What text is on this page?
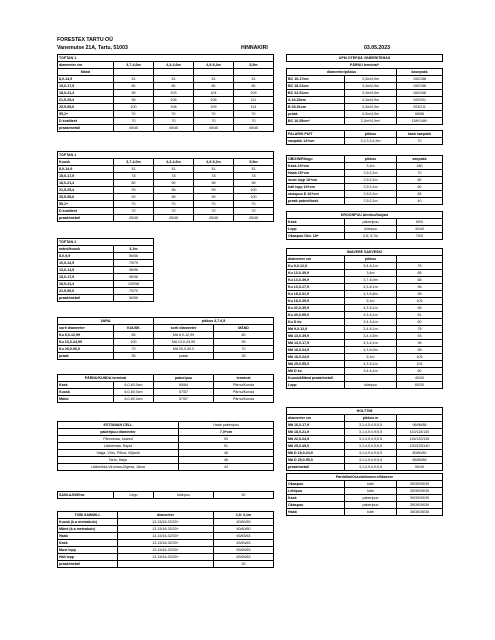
FORESTEX TARTU OÜ
Vanemuise 21A, Tartu, 51003	HINNAKIRI	03.05.2023
TOFTAN 1				
diameeter cm	3,7-4,0m	4,3-4,6m	4,9-5,2m	5,5m
Mänd				
8,0-14,9	51	51	51	51
15,0-17,9	80	80	80	80
18,0-21,4	95	103	104	109
21,5-25,4	98	106	106	111
25,5-55,0	100	108	109	114
55,1+	70	70	70	70
D kvaliteet	70	70	70	70
praak/metall	45/45	45/45	45/45	45/45
TOFTAN 1				
Kuusk	3,7-4,0m	4,3-4,6m	4,9-5,2m	5,5m
8,0-14,9	51	51	51	51
15,0-17,9	78	78	78	78
18,0-21,4	80	90	96	98
21,5-25,4	93	96	99	100
25,5-55,0	93	96	99	100
55,1+	70	70	70	70
D kvaliteet	70	70	70	70
praak/metall	45/45	45/45	45/45	45/45
TOFTAN 2	
mänd/kuusk	3,1m
8,0-9,9	56/56
10,0-12,9	79/79
13,0-14,9	96/96
15,0-17,9	96/96
18,0-21,4	100/98
21,5-50,0	70/70
praak/metall	56/56
VARA		pikkus 3,7-6,5	
sort/ diameeter	KUUSK	sort/ diameeter	MÄND
Ku 8,0-12,99	85	Mä 8,0-12,99	80
Ku 13,0-24,99	100	Mä 13,0-24,99	95
Ku 25,0-50,0	70	Mä 25,0-50,0	70
praak	35	praak	35
PÄRNU/KUNDA terminal		paberipuu	terminal
Kask	6,0-60,0cm	69/64	Pärnu/Kunda
Kuusk	6,0-60,0cm	57/57	Pärnu/Kunda
Mänd	6,0-60,0cm	57/57	Pärnu/Kunda
ESTONIAN CELL	Haab paberipuu
paberipuu diameeter	7,0+cm
Pärnumaa, saared	53
Läänemaa, Rapla	51
Valga, Võru, Põlva, Viljandi	46
Tartu, Harju	46
Lääne/Ida-Virumaa,Jõgeva, Järva	44
SANLAJN/Eiva	Lepp	kütepuu	50
TOBI SAWMILL	diameeter	2,9; 3,1m
Kuusk (k.a metsakuiv)	13-15/16-32/33+	60/60/60
Mänd (k.a metsakuiv)	13-15/16-32/33+	60/60/60
Haab	13-15/16-32/33+	63/63/63
Kask	13-15/16-32/33+	63/63/63
Must lepp	13-15/16-32/33+	63/63/63
Hall lepp	13-15/16-32/33+	63/63/63
praak/metall		30
UPM OTEPÄÄ VINEERITEHAS		
PÄRNU terminal*		
diameeter/pikkus		kasepakk
BC 16-17cm	3,3m/4,9m	150/158
BC 18-21cm	3,3m/4,9m	150/158
BC 22-51cm	3,3m/4,9m	160/168
A 24-33cm	3,3m/4,9m	193/201
B 33-51cm	3,3m/4,9m	203/211
praak	3,3m/4,9m	68/68
BC 16-55cm*	3,3m*/4,9m*	158*/166*
FALARIS PUIT	pikkus	kask saepakk
saepakk 14+cm	3,1;3,3;4,9m	70
OBIZIN/Rõngu	pikkus	saepakk
Kask 16+cm	3,1m	180
Haab 16+cm	2,5;3,1m	70
must lepp 16+cm	2,5;3,1m	80
hall lepp 16+cm	2,5;3,1m	60
okaspuu D 16+cm	2,5;3,1m	65
praak paberi/kask	2,5;3,1m	40
KROONPUU Aleviku/Nuijala		
Kask	paberipuu	65/0
Lepp	kütepuu	32/40
Okaspuu Dkv. 18+	2,5; 3,7m	70/0
IMAVERE SAEVESKI		
diameeter cm	pikkus	
Ku 9,0-12,9	3,4-6,1m	78
Ku 13,0-39,9	3,4m	85
Ku 13,0-39,9	3,7-6,0m	88
Ku 13,0-17,9	4,3-6,1m	96
Ku 18,0-31,9	4,3-6,6m	98
Ku 18,0-39,9	6,1m	103
Ku 32,0-39,9	4,3-6,1m	96
Ku 40,0-55,0	4,3-6,1m	91
Ku D kv.	3,4-6,1m	60
Mä 9,0-12,9	3,4-6,1m	78
Mä 13,0-39,9	3,4-4,6m	93
Mä 13,0-17,9	4,3-6,1m	96
Mä 18,0-24,9	4,3-6,0m	98
Mä 18,0-24,9	6,1m	103
Mä 25,0-55,0	4,3-6,1m	104
Mä D kv.	3,4-6,1m	60
Kuusk&Mänd praak/metall		40/30
Lepp	kütepuu	60/30
HOLTTIM		
diameeter cm	pikkus m	
Mä 16,0-17,9	3,1;4,0;4,9;5,5	96/96/88
Mä 18,0-21,9	3,1;4,0;4,9;5,5	110/115/130
Mä 22,0-24,9	3,1;4,0;4,9;5,5	115/120/135
Mä 25,0-45,0	3,1;4,0;4,9;5,5	120/125/140
Mä D 18,0-24,9	3,1;4,0;4,9;5,5	80/80/80
Mä D 25,0-55,0	3,1;4,0;4,9;5,5	85/85/85
praak/metall	3,1;4,0;4,9;5,5	50/40
Partidika/Ossola/Imavere/Ilbavere		
Okaspuu	küte	39/39/39/39
Lehtpuu	küte	39/39/39/39
Kask	paberipuu	39/39/39/39
Okaspuu	paberipuu	39/39/39/39
Haab	küte	36/36/36/36
